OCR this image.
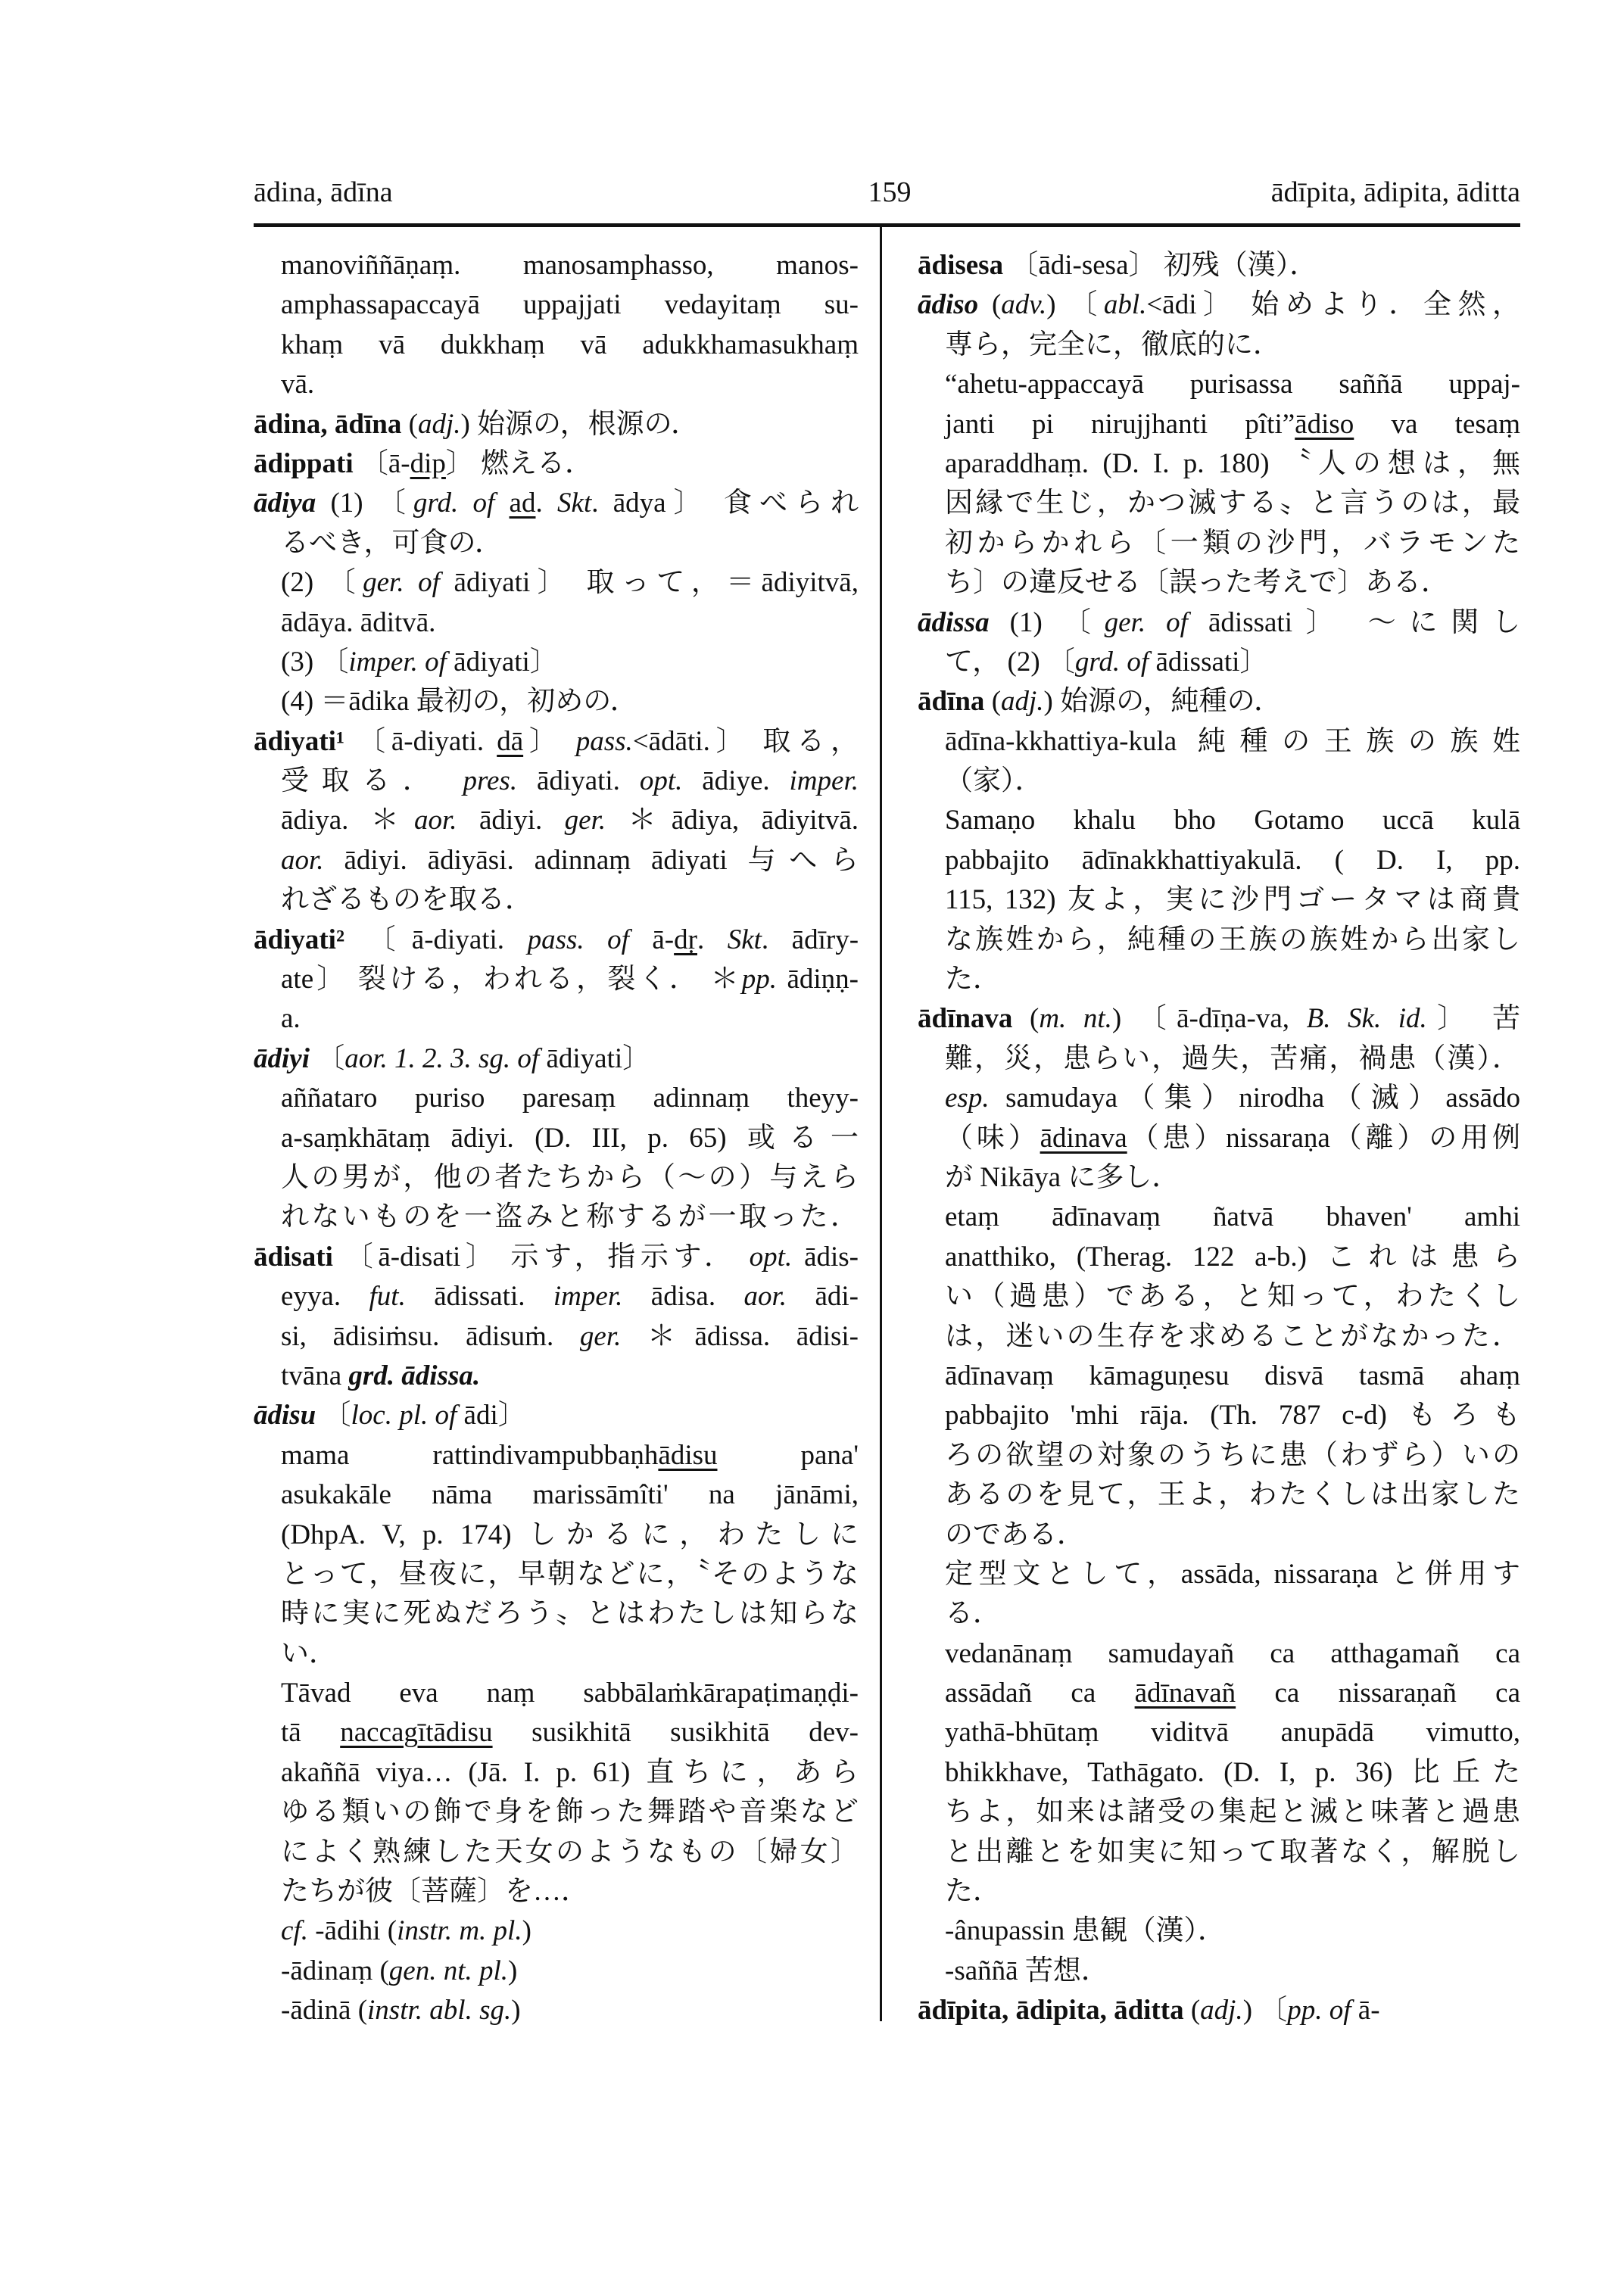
ādina, ādīna	159	ādīpita, ādipita, āditta
manoviññāṇaṃ. manosamphasso, manos-
amphassapaccayā uppajjati vedayitaṃ su-
khaṃ vā dukkhaṃ vā adukkhamasukhaṃ
vā.
ādina, ādīna (adj.) 始源の，根源の．
ādippati 〔ā-dip〕 燃える．
ādiya (1) 〔grd. of ad. Skt. ādya〕 食べられ
るべき，可食の．
(2) 〔ger. of ādiyati〕 取って，＝ādiyitvā,
ādāya. āditvā.
(3) 〔imper. of ādiyati〕
(4) ＝ādika 最初の，初めの．
ādiyati¹ 〔ā-diyati. dā〕 pass.<ādāti.〕 取る，
受取る． pres. ādiyati. opt. ādiye. imper.
ādiya. ＊aor. ādiyi. ger. ＊ādiya, ādiyitvā.
aor. ādiyi. ādiyāsi. adinnaṃ ādiyati 与へら
れざるものを取る．
ādiyati² 〔ā-diyati. pass. of ā-dṛ. Skt. ādīry-
ate〕 裂ける，われる，裂く． ＊pp. ādiṇṇ-
a.
ādiyi 〔aor. 1. 2. 3. sg. of ādiyati〕
aññataro puriso paresaṃ adinnaṃ theyy-
a-saṃkhātaṃ ādiyi. (D. III, p. 65) 或る一
人の男が，他の者たちから（～の）与えら
れないものを一盗みと称するが一取った．
ādisati 〔ā-disati〕 示す，指示す． opt. ādis-
eyya. fut. ādissati. imper. ādisa. aor. ādi-
si, ādisiṁsu. ādisuṁ. ger. ＊ādissa. ādisi-
tvāna grd. ādissa.
ādisu 〔loc. pl. of ādi〕
mama rattindivampubbaṇhādisu pana'
asukakāle nāma marissāmîti' na jānāmi,
(DhpA. V, p. 174) しかるに，わたしに
とって，昼夜に，早朝などに，〝そのような
時に実に死ぬだろう〟とはわたしは知らな
い．
Tāvad eva naṃ sabbālaṁkārapaṭimaṇḍi-
tā naccagītādisu susikhitā susikhitā dev-
akaññā viya… (Jā. I. p. 61) 直ちに，あら
ゆる類いの飾で身を飾った舞踏や音楽など
によく熟練した天女のようなもの〔婦女〕
たちが彼〔菩薩〕を…．
cf. -ādihi (instr. m. pl.)
-ādinaṃ (gen. nt. pl.)
-ādinā (instr. abl. sg.)
ādisesa 〔ādi-sesa〕 初残（漢）．
ādiso (adv.) 〔abl.<ādi〕 始めより．全然，
専ら，完全に，徹底的に．
“ahetu-appaccayā purisassa saññā uppaj-
janti pi nirujjhanti pîti”ādiso va tesaṃ
aparaddhaṃ. (D. I. p. 180) 〝人の想は，無
因縁で生じ，かつ滅する〟と言うのは，最
初からかれら〔一類の沙門，バラモンた
ち〕の違反せる〔誤った考えで〕ある．
ādissa (1) 〔ger. of ādissati〕 ～に関し
て， (2) 〔grd. of ādissati〕
ādīna (adj.) 始源の，純種の．
ādīna-kkhattiya-kula 純種の王族の族姓
（家）．
Samaṇo khalu bho Gotamo uccā kulā
pabbajito ādīnakkhattiyakulā. ( D. I, pp.
115, 132) 友よ，実に沙門ゴータマは商貴
な族姓から，純種の王族の族姓から出家し
た．
ādīnava (m. nt.) 〔ā-dīṇa-va, B. Sk. id.〕 苦
難，災，患らい，過失，苦痛，禍患（漢）．
esp. samudaya（集）nirodha（滅）assādo
（味）ādinava（患）nissaraṇa（離）の用例
が Nikāya に多し．
etaṃ ādīnavaṃ ñatvā bhaven' amhi
anatthiko, (Therag. 122 a-b.) これは患ら
い（過患）である，と知って，わたくし
は，迷いの生存を求めることがなかった．
ādīnavaṃ kāmaguṇesu disvā tasmā ahaṃ
pabbajito 'mhi rāja. (Th. 787 c-d) もろも
ろの欲望の対象のうちに患（わずら）いの
あるのを見て，王よ，わたくしは出家した
のである．
定型文として，assāda, nissaraṇa と併用す
る．
vedanānaṃ samudayañ ca atthagamañ ca
assādañ ca ādīnavañ ca nissaraṇañ ca
yathā-bhūtaṃ viditvā anupādā vimutto,
bhikkhave, Tathāgato. (D. I, p. 36) 比丘た
ちよ，如来は諸受の集起と滅と味著と過患
と出離とを如実に知って取著なく，解脱し
た．
-ânupassin 患観（漢）．
-saññā 苦想．
ādīpita, ādipita, āditta (adj.) 〔pp. of ā-
